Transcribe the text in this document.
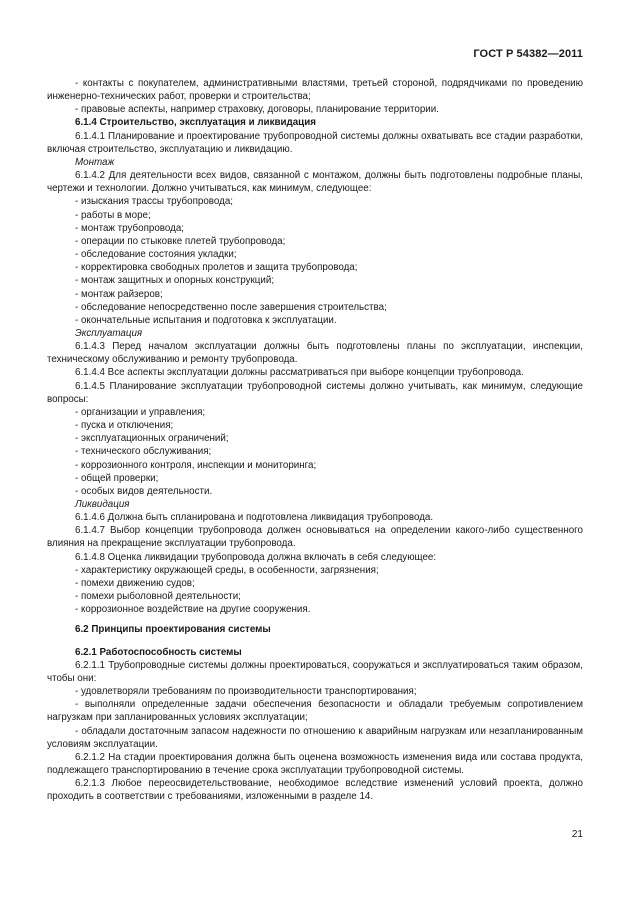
ГОСТ Р 54382—2011

- контакты с покупателем, административными властями, третьей стороной, подрядчиками по проведению инженерно-технических работ, проверки и строительства;

- правовые аспекты, например страховку, договоры, планирование территории.

6.1.4 Строительство, эксплуатация и ликвидация

6.1.4.1 Планирование и проектирование трубопроводной системы должны охватывать все стадии разработки, включая строительство, эксплуатацию и ликвидацию.

Монтаж

6.1.4.2 Для деятельности всех видов, связанной с монтажом, должны быть подготовлены подробные планы, чертежи и технологии. Должно учитываться, как минимум, следующее:

- изыскания трассы трубопровода;

- работы в море;

- монтаж трубопровода;

- операции по стыковке плетей трубопровода;

- обследование состояния укладки;

- корректировка свободных пролетов и защита трубопровода;

- монтаж защитных и опорных конструкций;

- монтаж райзеров;

- обследование непосредственно после завершения строительства;

- окончательные испытания и подготовка к эксплуатации.

Эксплуатация

6.1.4.3 Перед началом эксплуатации должны быть подготовлены планы по эксплуатации, инспекции, техническому обслуживанию и ремонту трубопровода.

6.1.4.4 Все аспекты эксплуатации должны рассматриваться при выборе концепции трубопровода.

6.1.4.5 Планирование эксплуатации трубопроводной системы должно учитывать, как минимум, следующие вопросы:

- организации и управления;

- пуска и отключения;

- эксплуатационных ограничений;

- технического обслуживания;

- коррозионного контроля, инспекции и мониторинга;

- общей проверки;

- особых видов деятельности.

Ликвидация

6.1.4.6 Должна быть спланирована и подготовлена ликвидация трубопровода.

6.1.4.7 Выбор концепции трубопровода должен основываться на определении какого-либо существенного влияния на прекращение эксплуатации трубопровода.

6.1.4.8 Оценка ликвидации трубопровода должна включать в себя следующее:

- характеристику окружающей среды, в особенности, загрязнения;

- помехи движению судов;

- помехи рыболовной деятельности;

- коррозионное воздействие на другие сооружения.

6.2 Принципы проектирования системы

6.2.1 Работоспособность системы

6.2.1.1 Трубопроводные системы должны проектироваться, сооружаться и эксплуатироваться таким образом, чтобы они:

- удовлетворяли требованиям по производительности транспортирования;

- выполняли определенные задачи обеспечения безопасности и обладали требуемым сопротивлением нагрузкам при запланированных условиях эксплуатации;

- обладали достаточным запасом надежности по отношению к аварийным нагрузкам или незапланированным условиям эксплуатации.

6.2.1.2 На стадии проектирования должна быть оценена возможность изменения вида или состава продукта, подлежащего транспортированию в течение срока эксплуатации трубопроводной системы.

6.2.1.3 Любое переосвидетельствование, необходимое вследствие изменений условий проекта, должно проходить в соответствии с требованиями, изложенными в разделе 14.

21
